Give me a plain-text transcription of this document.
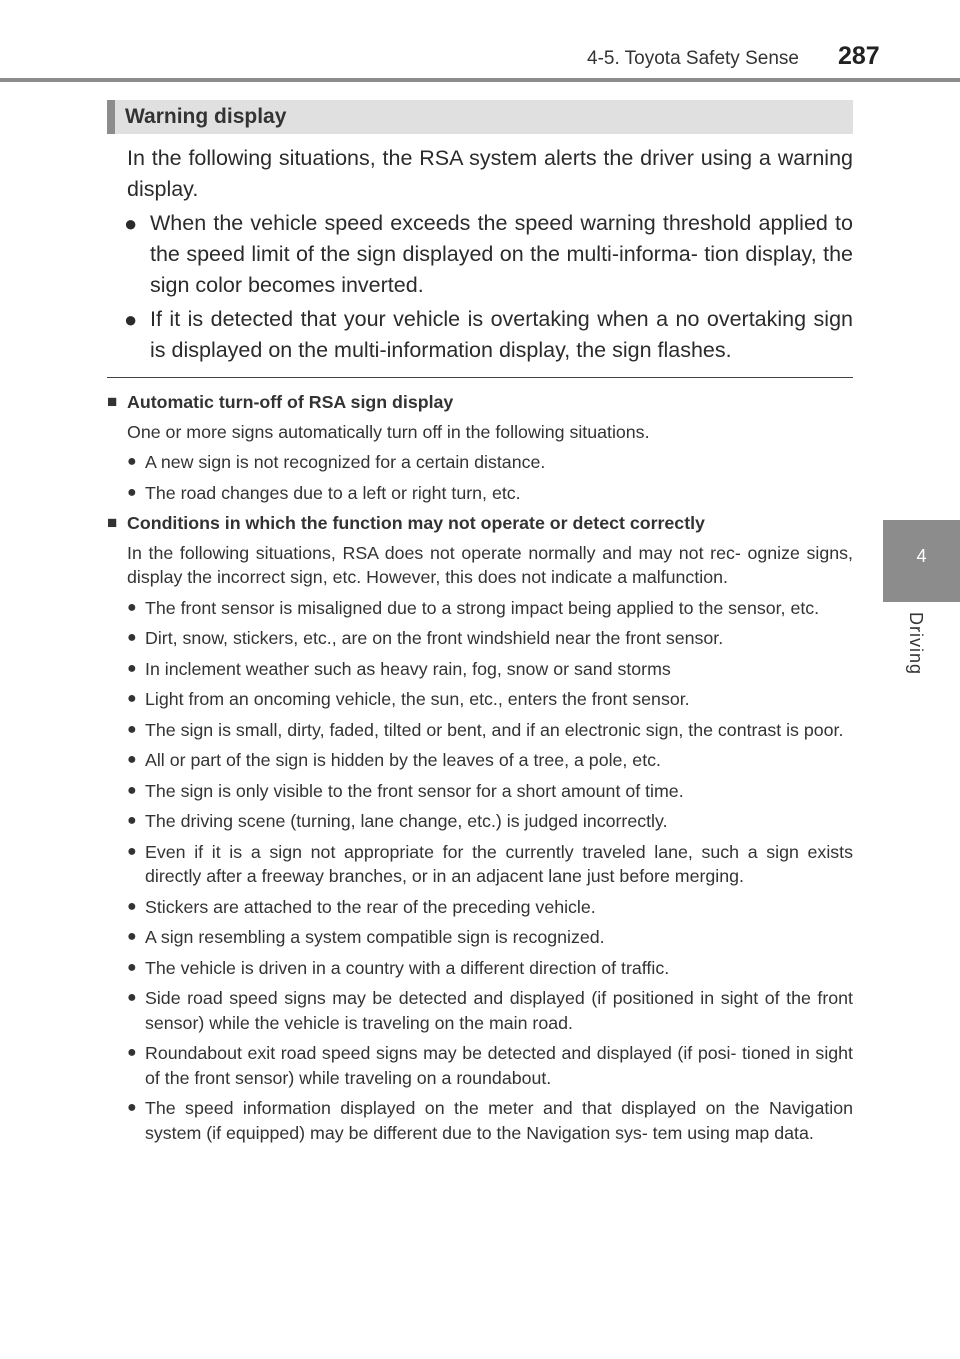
4-5. Toyota Safety Sense 287
4
Driving
Warning display

In the following situations, the RSA system alerts the driver using a warning display.

● When the vehicle speed exceeds the speed warning threshold applied to the speed limit of the sign displayed on the multi-informa- tion display, the sign color becomes inverted.
● If it is detected that your vehicle is overtaking when a no overtaking sign is displayed on the multi-information display, the sign flashes.
■ Automatic turn-off of RSA sign display
One or more signs automatically turn off in the following situations.
● A new sign is not recognized for a certain distance.
● The road changes due to a left or right turn, etc.
■ Conditions in which the function may not operate or detect correctly
In the following situations, RSA does not operate normally and may not rec- ognize signs, display the incorrect sign, etc. However, this does not indicate a malfunction.
● The front sensor is misaligned due to a strong impact being applied to the sensor, etc.
● Dirt, snow, stickers, etc., are on the front windshield near the front sensor.
● In inclement weather such as heavy rain, fog, snow or sand storms
● Light from an oncoming vehicle, the sun, etc., enters the front sensor.
● The sign is small, dirty, faded, tilted or bent, and if an electronic sign, the contrast is poor.
● All or part of the sign is hidden by the leaves of a tree, a pole, etc.
● The sign is only visible to the front sensor for a short amount of time.
● The driving scene (turning, lane change, etc.) is judged incorrectly.
● Even if it is a sign not appropriate for the currently traveled lane, such a sign exists directly after a freeway branches, or in an adjacent lane just before merging.
● Stickers are attached to the rear of the preceding vehicle.
● A sign resembling a system compatible sign is recognized.
● The vehicle is driven in a country with a different direction of traffic.
● Side road speed signs may be detected and displayed (if positioned in sight of the front sensor) while the vehicle is traveling on the main road.
● Roundabout exit road speed signs may be detected and displayed (if posi- tioned in sight of the front sensor) while traveling on a roundabout.
● The speed information displayed on the meter and that displayed on the Navigation system (if equipped) may be different due to the Navigation sys- tem using map data.
